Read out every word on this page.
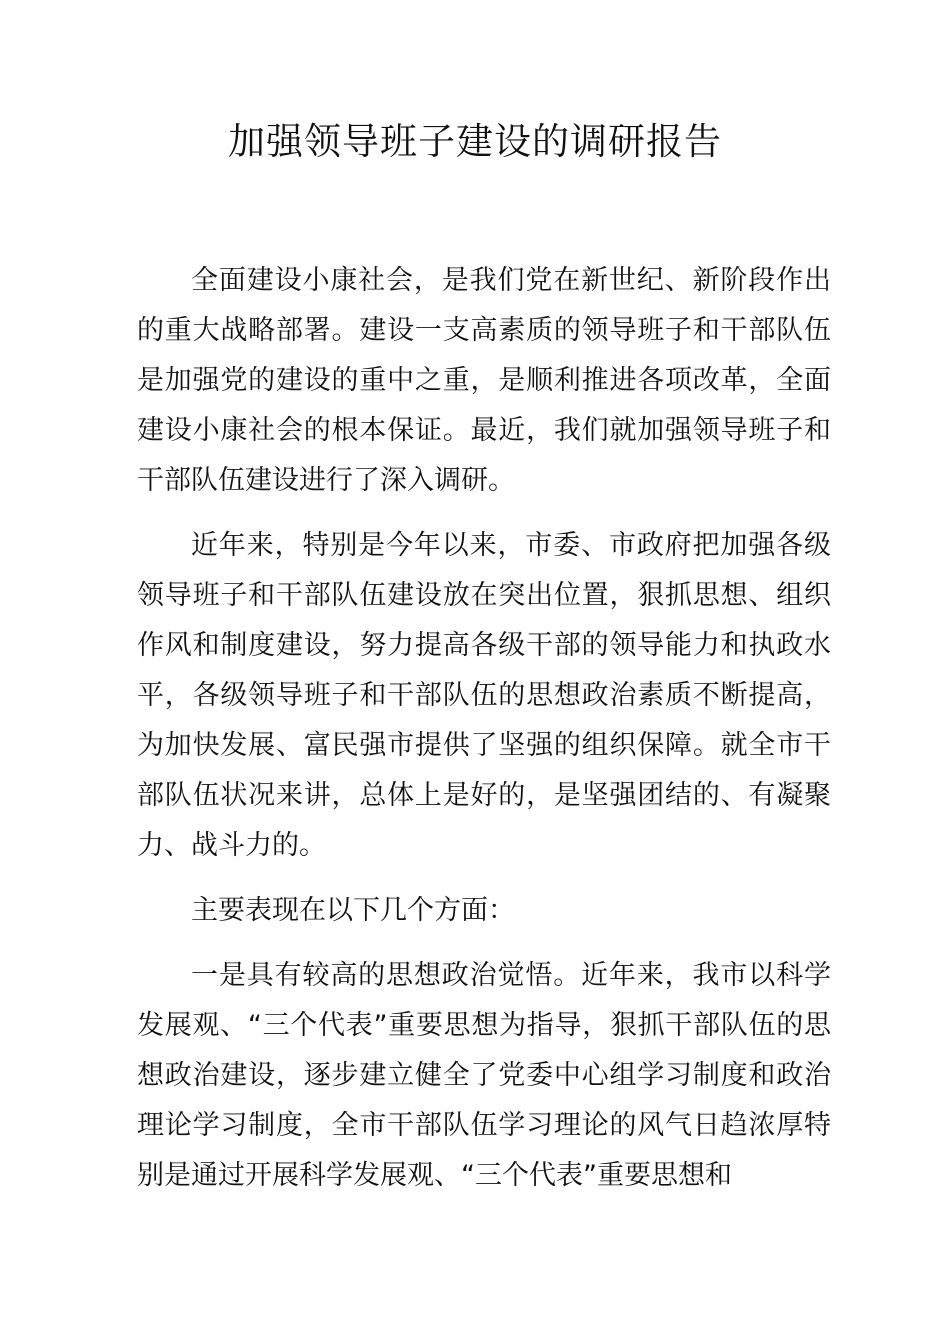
加强领导班子建设的调研报告

全面建设小康社会，是我们党在新世纪、新阶段作出的重大战略部署。建设一支高素质的领导班子和干部队伍是加强党的建设的重中之重，是顺利推进各项改革，全面建设小康社会的根本保证。最近，我们就加强领导班子和干部队伍建设进行了深入调研。

近年来，特别是今年以来，市委、市政府把加强各级领导班子和干部队伍建设放在突出位置，狠抓思想、组织作风和制度建设，努力提高各级干部的领导能力和执政水平，各级领导班子和干部队伍的思想政治素质不断提高，为加快发展、富民强市提供了坚强的组织保障。就全市干部队伍状况来讲，总体上是好的，是坚强团结的、有凝聚力、战斗力的。

主要表现在以下几个方面：

一是具有较高的思想政治觉悟。近年来，我市以科学发展观、“三个代表”重要思想为指导，狠抓干部队伍的思想政治建设，逐步建立健全了党委中心组学习制度和政治理论学习制度，全市干部队伍学习理论的风气日趋浓厚特别是通过开展科学发展观、“三个代表”重要思想和
